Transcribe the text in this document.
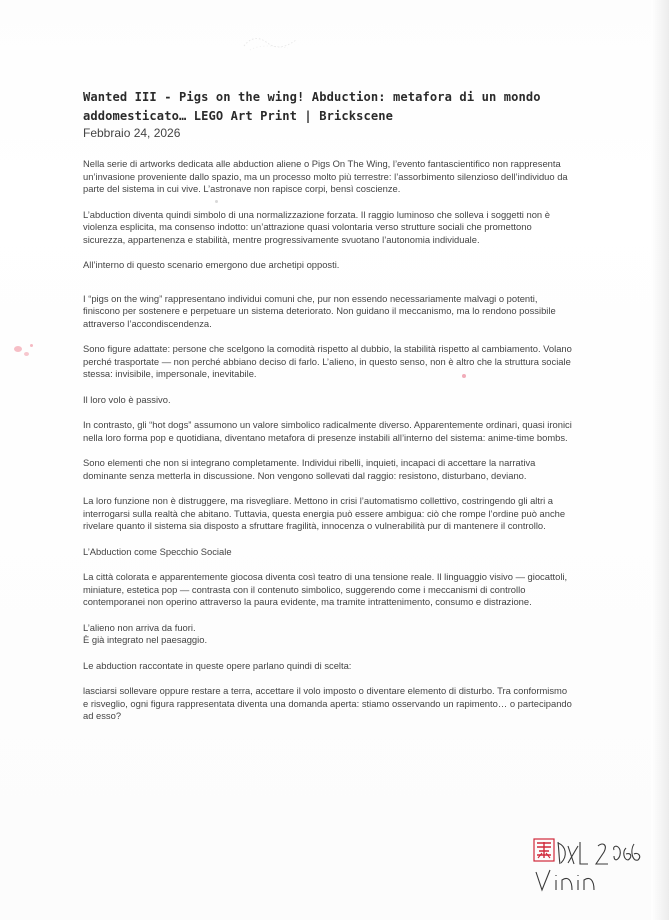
Wanted III - Pigs on the wing! Abduction: metafora di un mondo addomesticato… LEGO Art Print | Brickscene

Febbraio 24, 2026

Nella serie di artworks dedicata alle abduction aliene o Pigs On The Wing, l’evento fantascientifico non rappresenta un’invasione proveniente dallo spazio, ma un processo molto più terrestre: l’assorbimento silenzioso dell’individuo da parte del sistema in cui vive. L’astronave non rapisce corpi, bensì coscienze.

L’abduction diventa quindi simbolo di una normalizzazione forzata. Il raggio luminoso che solleva i soggetti non è violenza esplicita, ma consenso indotto: un’attrazione quasi volontaria verso strutture sociali che promettono sicurezza, appartenenza e stabilità, mentre progressivamente svuotano l’autonomia individuale.

All’interno di questo scenario emergono due archetipi opposti.

I “pigs on the wing” rappresentano individui comuni che, pur non essendo necessariamente malvagi o potenti, finiscono per sostenere e perpetuare un sistema deteriorato. Non guidano il meccanismo, ma lo rendono possibile attraverso l’accondiscendenza.

Sono figure adattate: persone che scelgono la comodità rispetto al dubbio, la stabilità rispetto al cambiamento. Volano perché trasportate — non perché abbiano deciso di farlo. L’alieno, in questo senso, non è altro che la struttura sociale stessa: invisibile, impersonale, inevitabile.

Il loro volo è passivo.

In contrasto, gli “hot dogs” assumono un valore simbolico radicalmente diverso. Apparentemente ordinari, quasi ironici nella loro forma pop e quotidiana, diventano metafora di presenze instabili all’interno del sistema: anime-time bombs.

Sono elementi che non si integrano completamente. Individui ribelli, inquieti, incapaci di accettare la narrativa dominante senza metterla in discussione. Non vengono sollevati dal raggio: resistono, disturbano, deviano.

La loro funzione non è distruggere, ma risvegliare. Mettono in crisi l’automatismo collettivo, costringendo gli altri a interrogarsi sulla realtà che abitano. Tuttavia, questa energia può essere ambigua: ciò che rompe l’ordine può anche rivelare quanto il sistema sia disposto a sfruttare fragilità, innocenza o vulnerabilità pur di mantenere il controllo.

L’Abduction come Specchio Sociale

La città colorata e apparentemente giocosa diventa così teatro di una tensione reale. Il linguaggio visivo — giocattoli, miniature, estetica pop — contrasta con il contenuto simbolico, suggerendo come i meccanismi di controllo contemporanei non operino attraverso la paura evidente, ma tramite intrattenimento, consumo e distrazione.

L’alieno non arriva da fuori.

È già integrato nel paesaggio.

Le abduction raccontate in queste opere parlano quindi di scelta:

lasciarsi sollevare oppure restare a terra, accettare il volo imposto o diventare elemento di disturbo. Tra conformismo e risveglio, ogni figura rappresentata diventa una domanda aperta: stiamo osservando un rapimento… o partecipando ad esso?
